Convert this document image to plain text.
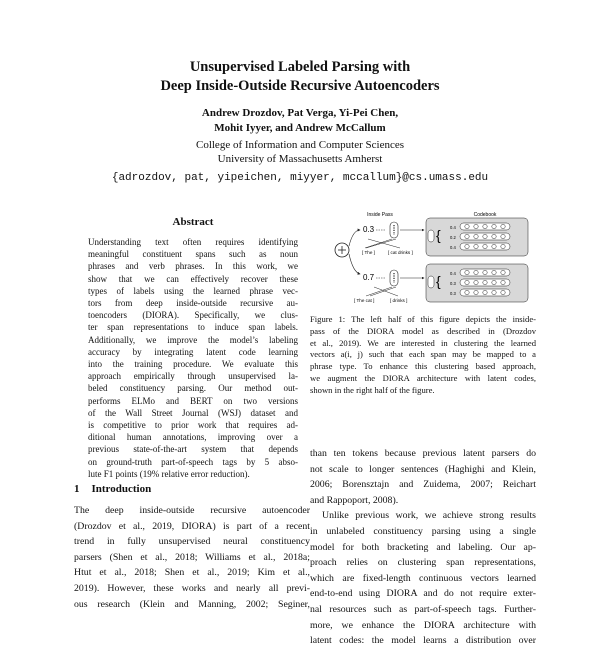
Unsupervised Labeled Parsing with
Deep Inside-Outside Recursive Autoencoders
Andrew Drozdov, Pat Verga, Yi-Pei Chen,
Mohit Iyyer, and Andrew McCallum
College of Information and Computer Sciences
University of Massachusetts Amherst
{adrozdov, pat, yipeichen, miyyer, mccallum}@cs.umass.edu
Abstract
Understanding text often requires identifying
meaningful constituent spans such as noun
phrases and verb phrases. In this work, we
show that we can effectively recover these
types of labels using the learned phrase vec-
tors from deep inside-outside recursive au-
toencoders (DIORA). Specifically, we clus-
ter span representations to induce span labels.
Additionally, we improve the model’s labeling
accuracy by integrating latent code learning
into the training procedure. We evaluate this
approach empirically through unsupervised la-
beled constituency parsing. Our method out-
performs ELMo and BERT on two versions
of the Wall Street Journal (WSJ) dataset and
is competitive to prior work that requires ad-
ditional human annotations, improving over a
previous state-of-the-art system that depends
on ground-truth part-of-speech tags by 5 abso-
lute F1 points (19% relative error reduction).
1 Introduction
The deep inside-outside recursive autoencoder
(Drozdov et al., 2019, DIORA) is part of a recent
trend in fully unsupervised neural constituency
parsers (Shen et al., 2018; Williams et al., 2018a;
Htut et al., 2018; Shen et al., 2019; Kim et al.,
2019). However, these works and nearly all previ-
ous research (Klein and Manning, 2002; Seginer,
Inside Pass	Codebook
0.3
[ The ]	[ cat drinks ]
0.7
[ The cat ]	[ drinks ]
{ 0.4
0.2
0.4
{ 0.4
0.3
0.3
Figure 1: The left half of this figure depicts the inside-
pass of the DIORA model as described in (Drozdov
et al., 2019). We are interested in clustering the learned
vectors a(i, j) such that each span may be mapped to a
phrase type. To enhance this clustering based approach,
we augment the DIORA architecture with latent codes,
shown in the right half of the figure.
than ten tokens because previous latent parsers do
not scale to longer sentences (Haghighi and Klein,
2006; Borensztajn and Zuidema, 2007; Reichart
and Rappoport, 2008).
Unlike previous work, we achieve strong results
in unlabeled constituency parsing using a single
model for both bracketing and labeling. Our ap-
proach relies on clustering span representations,
which are fixed-length continuous vectors learned
end-to-end using DIORA and do not require exter-
nal resources such as part-of-speech tags. Further-
more, we enhance the DIORA architecture with
latent codes: the model learns a distribution over
